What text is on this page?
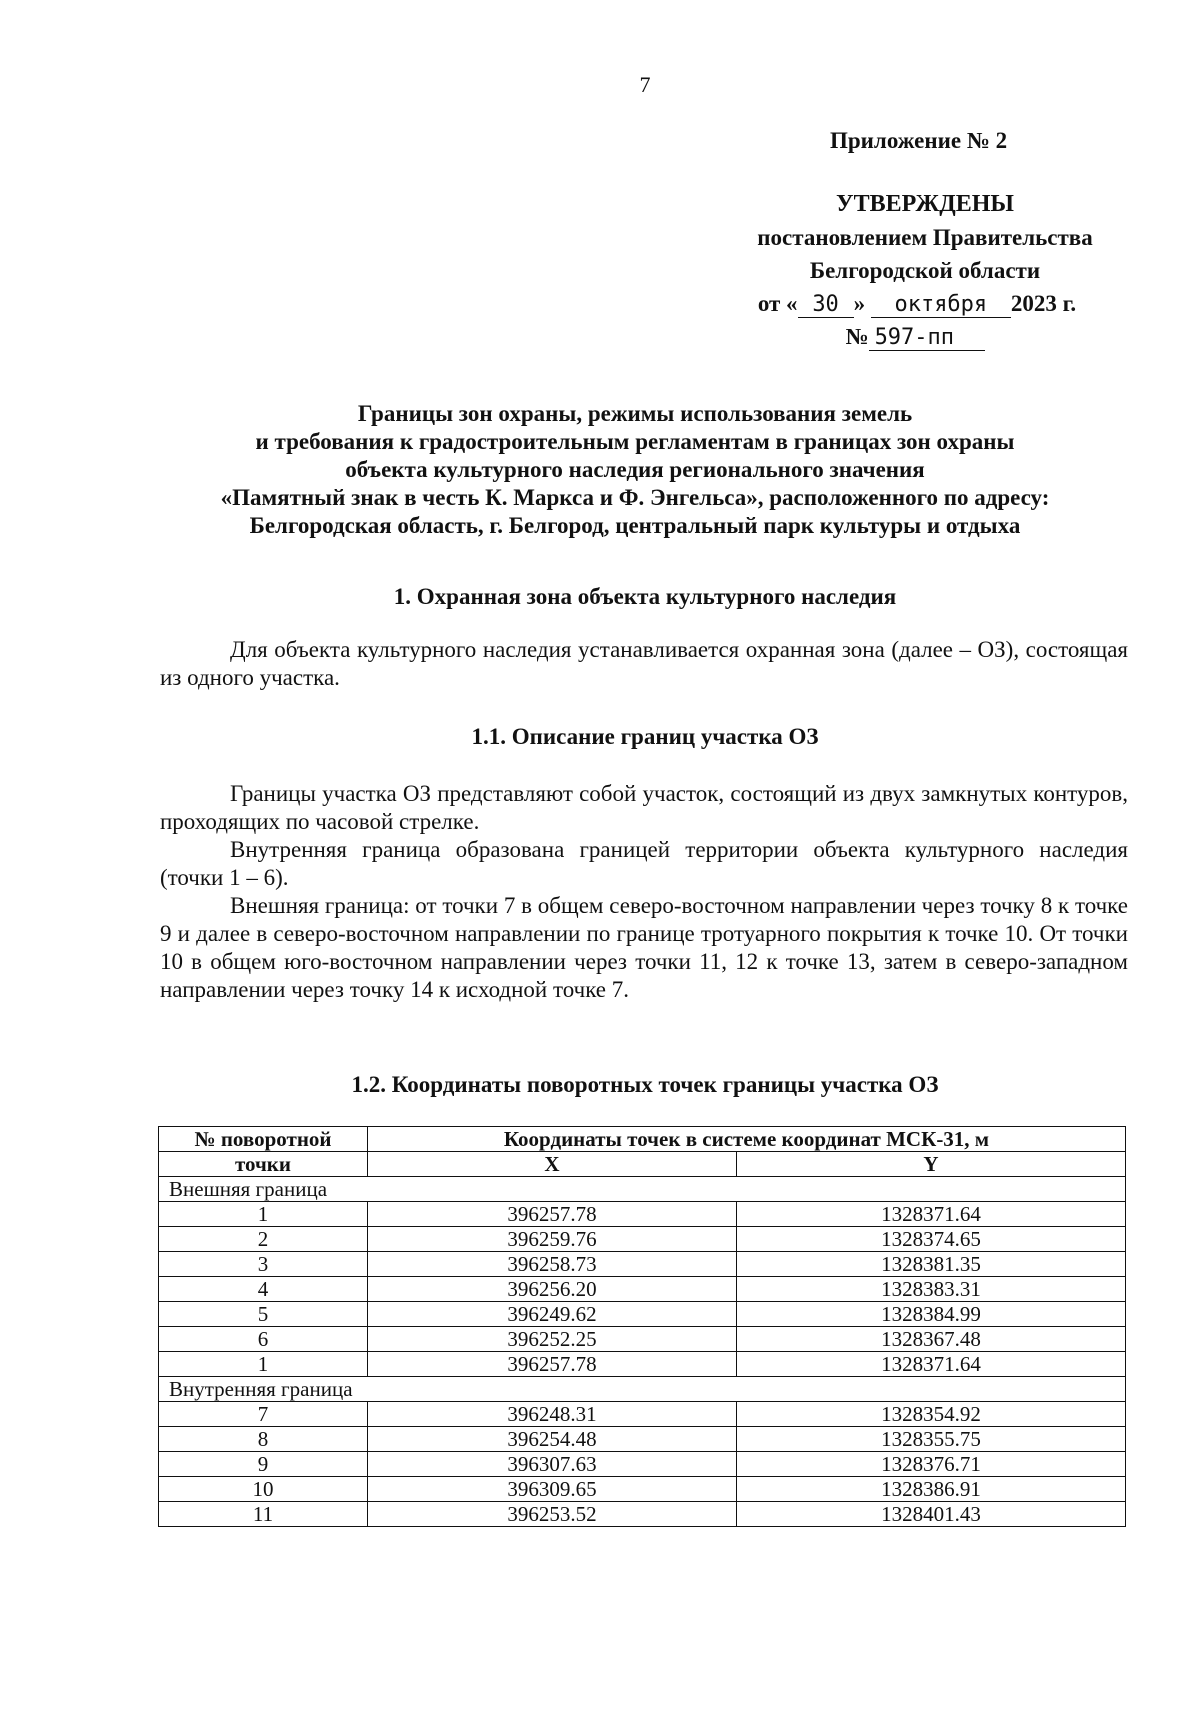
7
Приложение № 2
УТВЕРЖДЕНЫ
постановлением Правительства
Белгородской области
от « 30 » октября 2023 г.
№ 597-пп
Границы зон охраны, режимы использования земель
и требования к градостроительным регламентам в границах зон охраны
объекта культурного наследия регионального значения
«Памятный знак в честь К. Маркса и Ф. Энгельса», расположенного по адресу:
Белгородская область, г. Белгород, центральный парк культуры и отдыха
1. Охранная зона объекта культурного наследия

Для объекта культурного наследия устанавливается охранная зона (далее – ОЗ), состоящая из одного участка.

1.1. Описание границ участка ОЗ

Границы участка ОЗ представляют собой участок, состоящий из двух замкнутых контуров, проходящих по часовой стрелке.

Внутренняя граница образована границей территории объекта культурного наследия (точки 1 – 6).

Внешняя граница: от точки 7 в общем северо-восточном направлении через точку 8 к точке 9 и далее в северо-восточном направлении по границе тротуарного покрытия к точке 10. От точки 10 в общем юго-восточном направлении через точки 11, 12 к точке 13, затем в северо-западном направлении через точку 14 к исходной точке 7.

1.2. Координаты поворотных точек границы участка ОЗ
№ поворотной	Координаты точек в системе координат МСК-31, м	
точки	X	Y
Внешняя граница		
1	396257.78	1328371.64
2	396259.76	1328374.65
3	396258.73	1328381.35
4	396256.20	1328383.31
5	396249.62	1328384.99
6	396252.25	1328367.48
1	396257.78	1328371.64
Внутренняя граница		
7	396248.31	1328354.92
8	396254.48	1328355.75
9	396307.63	1328376.71
10	396309.65	1328386.91
11	396253.52	1328401.43
